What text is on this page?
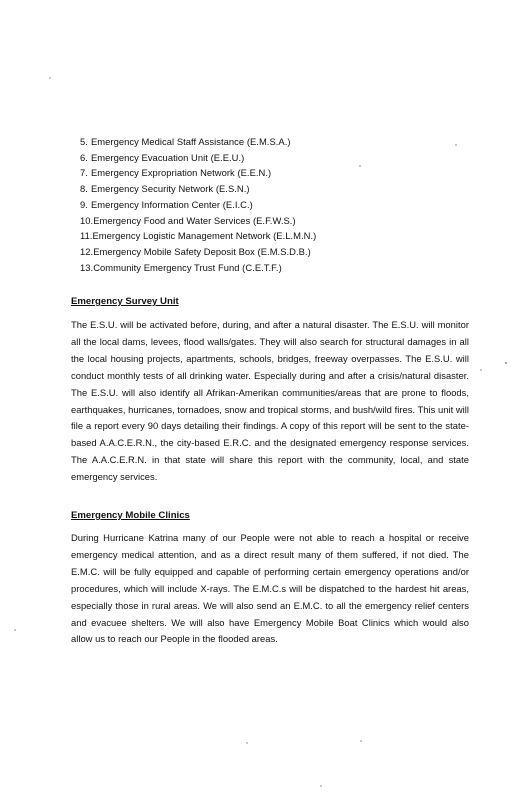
5. Emergency Medical Staff Assistance (E.M.S.A.)
6. Emergency Evacuation Unit (E.E.U.)
7. Emergency Expropriation Network (E.E.N.)
8. Emergency Security Network (E.S.N.)
9. Emergency Information Center (E.I.C.)
10. Emergency Food and Water Services (E.F.W.S.)
11. Emergency Logistic Management Network (E.L.M.N.)
12. Emergency Mobile Safety Deposit Box (E.M.S.D.B.)
13. Community Emergency Trust Fund (C.E.T.F.)
Emergency Survey Unit

The E.S.U. will be activated before, during, and after a natural disaster. The E.S.U. will monitor all the local dams, levees, flood walls/gates. They will also search for structural damages in all the local housing projects, apartments, schools, bridges, freeway overpasses. The E.S.U. will conduct monthly tests of all drinking water. Especially during and after a crisis/natural disaster. The E.S.U. will also identify all Afrikan-Amerikan communities/areas that are prone to floods, earthquakes, hurricanes, tornadoes, snow and tropical storms, and bush/wild fires. This unit will file a report every 90 days detailing their findings. A copy of this report will be sent to the state-based A.A.C.E.R.N., the city-based E.R.C. and the designated emergency response services. The A.A.C.E.R.N. in that state will share this report with the community, local, and state emergency services.

Emergency Mobile Clinics

During Hurricane Katrina many of our People were not able to reach a hospital or receive emergency medical attention, and as a direct result many of them suffered, if not died. The E.M.C. will be fully equipped and capable of performing certain emergency operations and/or procedures, which will include X-rays. The E.M.C.s will be dispatched to the hardest hit areas, especially those in rural areas. We will also send an E.M.C. to all the emergency relief centers and evacuee shelters. We will also have Emergency Mobile Boat Clinics which would also allow us to reach our People in the flooded areas.
